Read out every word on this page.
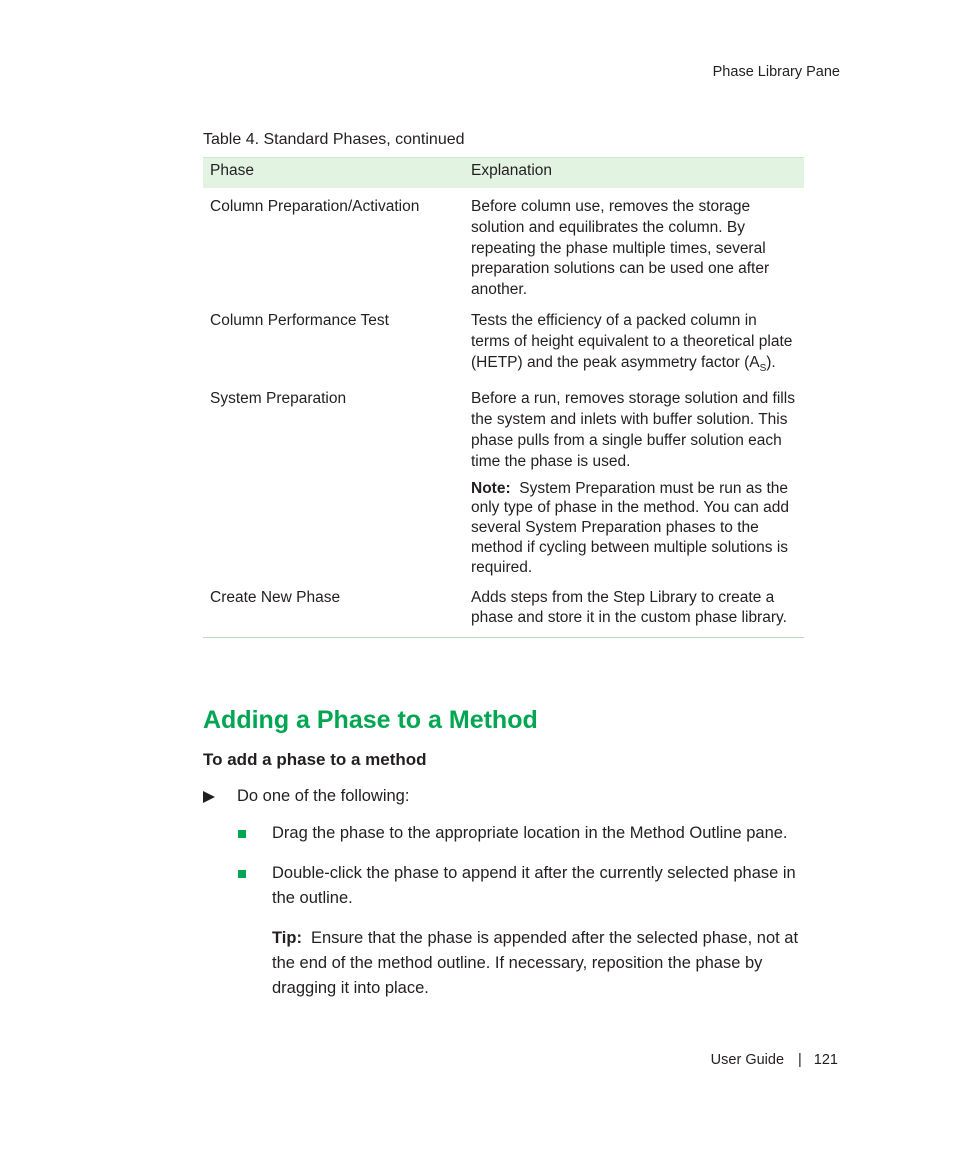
Phase Library Pane
Table 4. Standard Phases, continued
Phase	Explanation
Column Preparation/Activation	Before column use, removes the storage solution and equilibrates the column. By repeating the phase multiple times, several preparation solutions can be used one after another.

Column Performance Test	Tests the efficiency of a packed column in terms of height equivalent to a theoretical plate (HETP) and the peak asymmetry factor $(A_S)$.

System Preparation	Before a run, removes storage solution and fills the system and inlets with buffer solution. This phase pulls from a single buffer solution each time the phase is used.

Note: System Preparation must be run as the only type of phase in the method. You can add several System Preparation phases to the method if cycling between multiple solutions is required.

Create New Phase	Adds steps from the Step Library to create a phase and store it in the custom phase library.

Adding a Phase to a Method
To add a phase to a method
Do one of the following:
Drag the phase to the appropriate location in the Method Outline pane.
Double-click the phase to append it after the currently selected phase in the outline.
Tip: Ensure that the phase is appended after the selected phase, not at the end of the method outline. If necessary, reposition the phase by dragging it into place.
User Guide | 121
